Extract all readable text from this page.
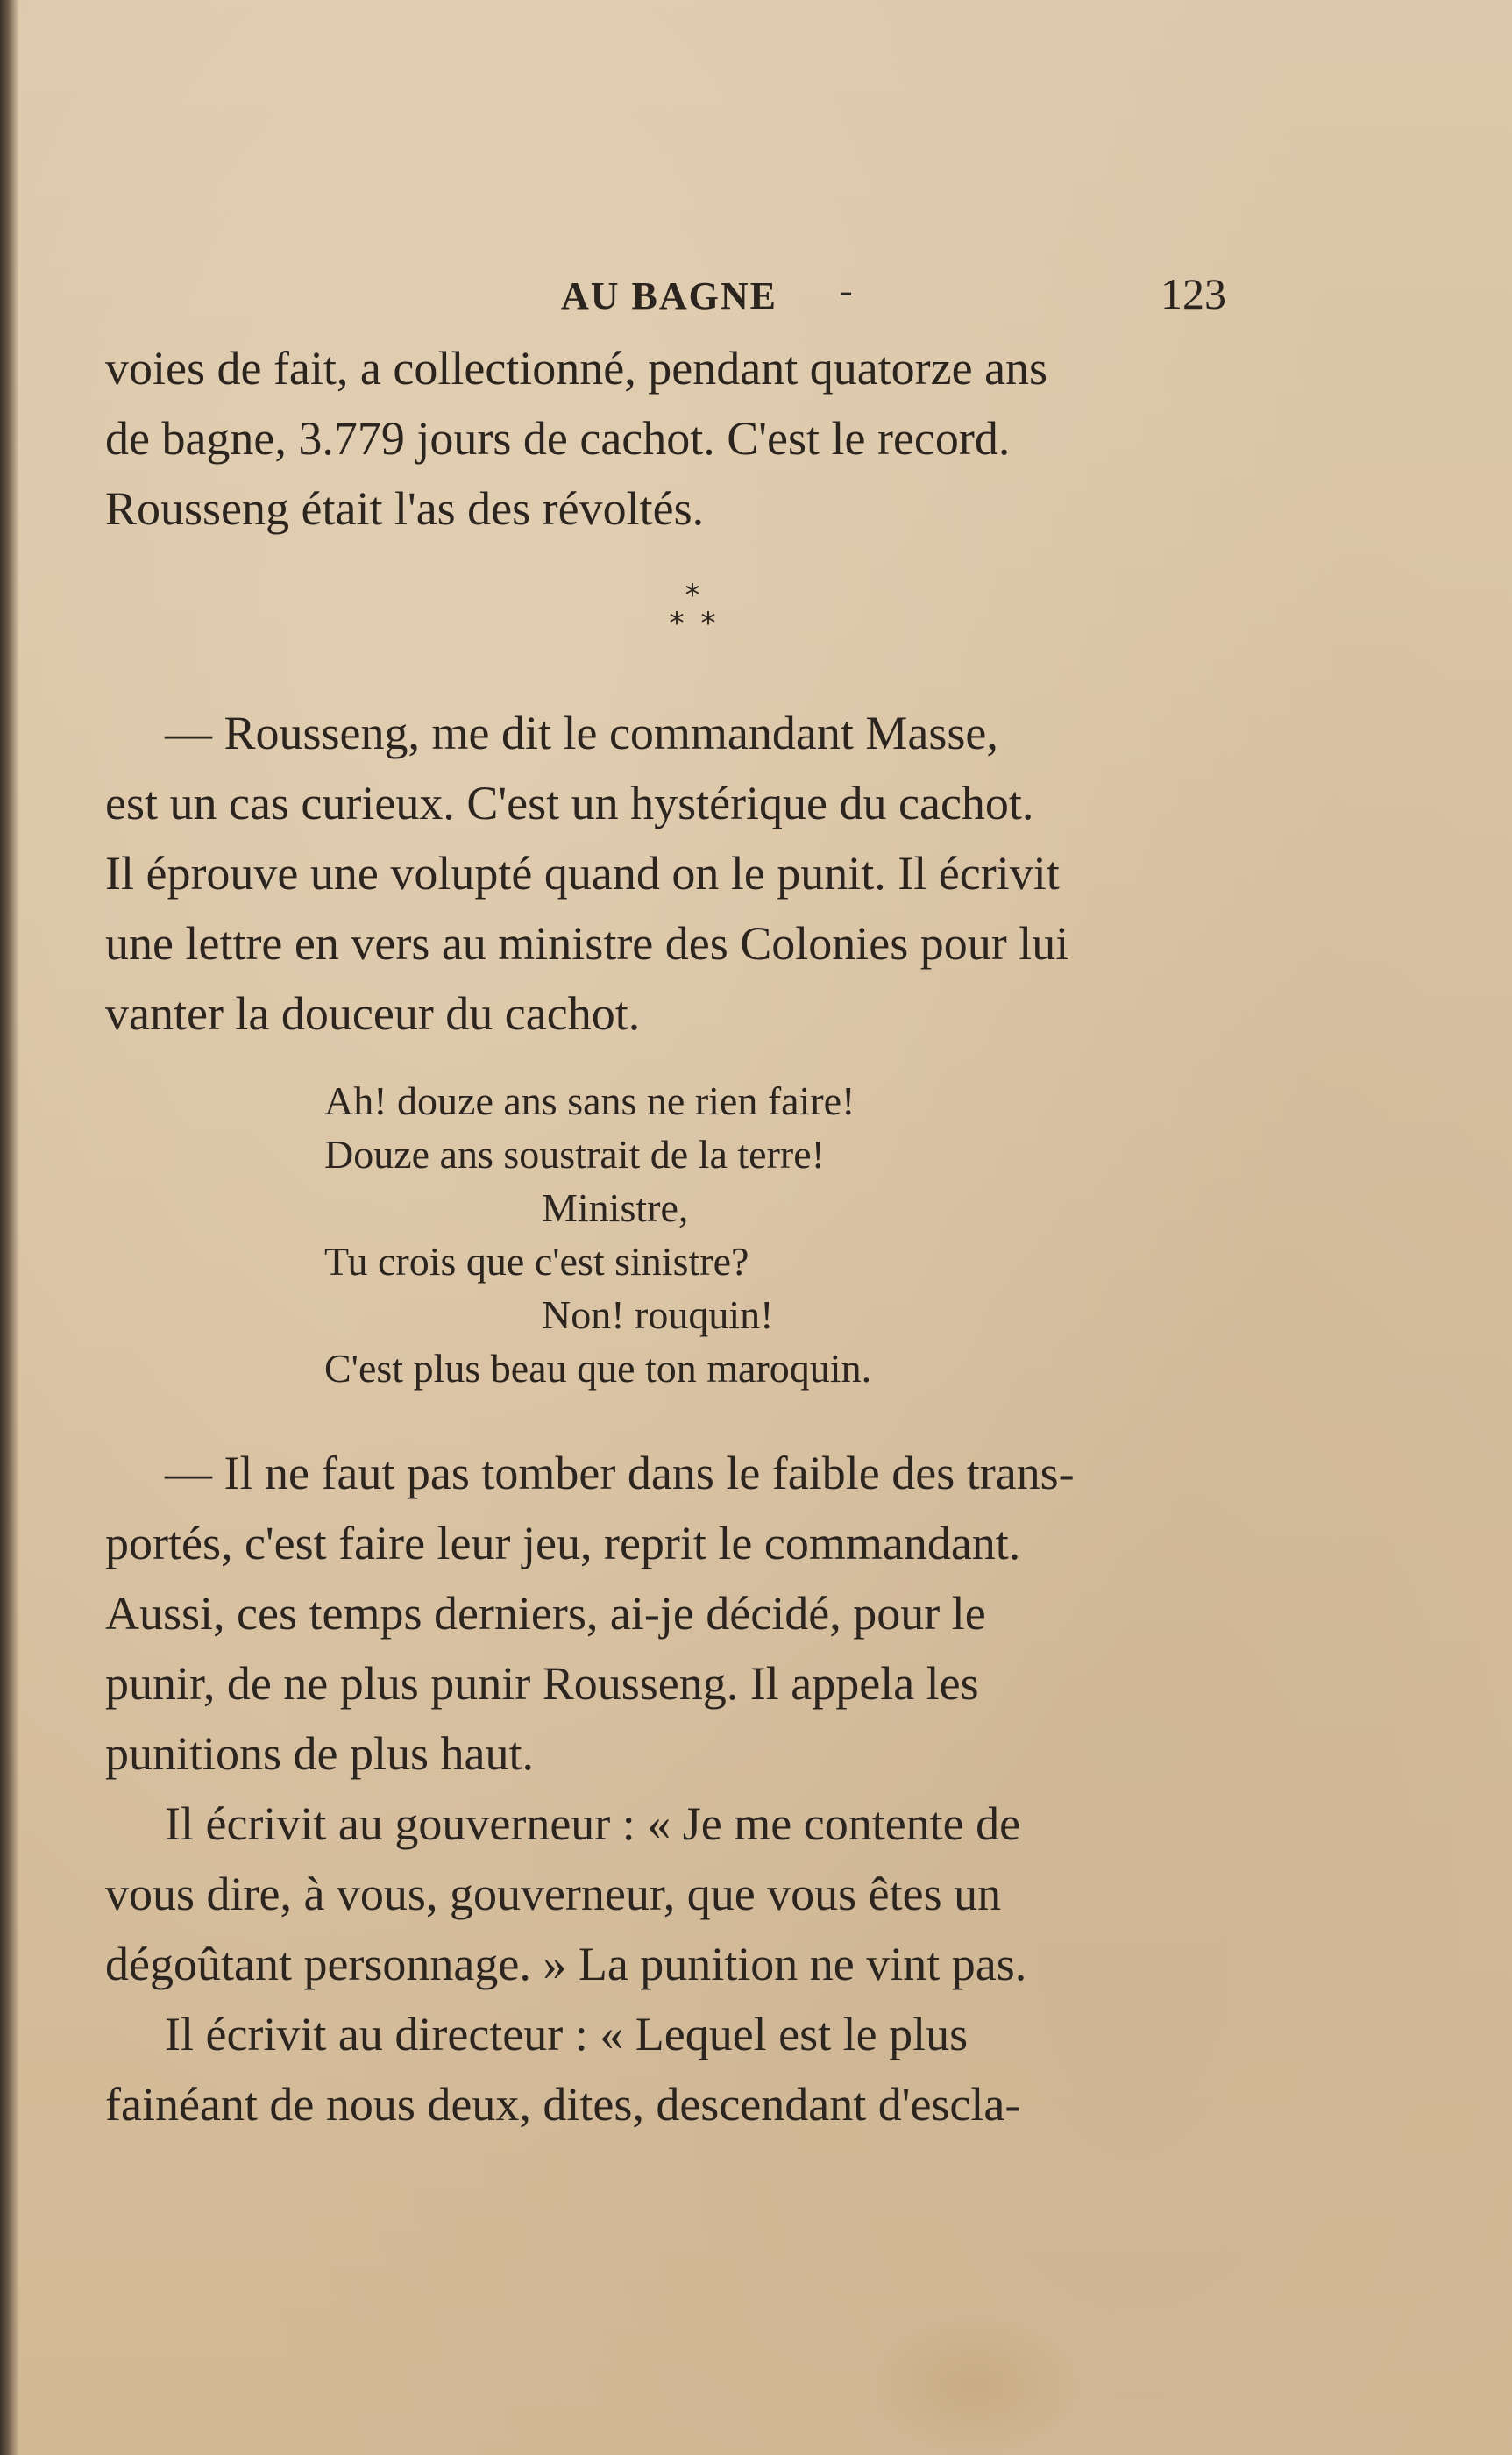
AU BAGNE -	123

voies de fait, a collectionné, pendant quatorze ans

de bagne, 3.779 jours de cachot. C'est le record.

Rousseng était l'as des révoltés.

*
* *

— Rousseng, me dit le commandant Masse,

est un cas curieux. C'est un hystérique du cachot.

Il éprouve une volupté quand on le punit. Il écrivit

une lettre en vers au ministre des Colonies pour lui

vanter la douceur du cachot.

Ah! douze ans sans ne rien faire!
Douze ans soustrait de la terre!
Ministre,
Tu crois que c'est sinistre?
Non! rouquin!
C'est plus beau que ton maroquin.

— Il ne faut pas tomber dans le faible des trans-

portés, c'est faire leur jeu, reprit le commandant.

Aussi, ces temps derniers, ai-je décidé, pour le

punir, de ne plus punir Rousseng. Il appela les

punitions de plus haut.

Il écrivit au gouverneur : « Je me contente de

vous dire, à vous, gouverneur, que vous êtes un

dégoûtant personnage. » La punition ne vint pas.

Il écrivit au directeur : « Lequel est le plus

fainéant de nous deux, dites, descendant d'escla-
